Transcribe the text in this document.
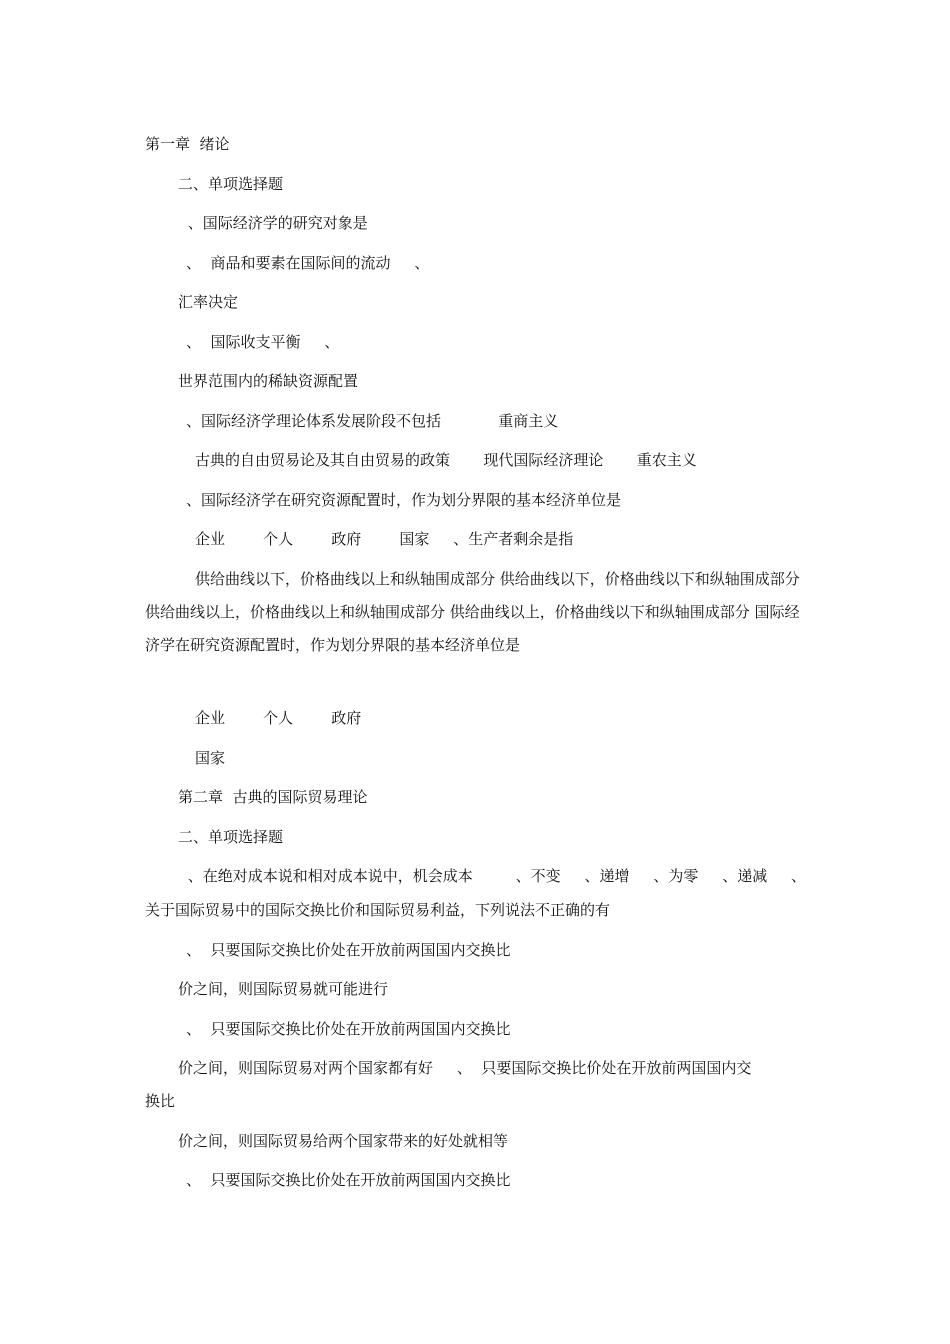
第一章  绪论
二、单项选择题
、国际经济学的研究对象是
、  商品和要素在国际间的流动     、
汇率决定
、  国际收支平衡     、
世界范围内的稀缺资源配置
、国际经济学理论体系发展阶段不包括            重商主义
古典的自由贸易论及其自由贸易的政策       现代国际经济理论       重农主义
、国际经济学在研究资源配置时，作为划分界限的基本经济单位是
企业        个人        政府        国家     、生产者剩余是指
供给曲线以下，价格曲线以上和纵轴围成部分 供给曲线以下，价格曲线以下和纵轴围成部分 供给曲线以上，价格曲线以上和纵轴围成部分 供给曲线以上，价格曲线以下和纵轴围成部分 国际经济学在研究资源配置时，作为划分界限的基本经济单位是
企业        个人        政府
国家
第二章  古典的国际贸易理论
二、单项选择题
、在绝对成本说和相对成本说中，机会成本         、不变     、递增     、为零     、递减     、
关于国际贸易中的国际交换比价和国际贸易利益，下列说法不正确的有
、  只要国际交换比价处在开放前两国国内交换比
价之间，则国际贸易就可能进行
、  只要国际交换比价处在开放前两国国内交换比
价之间，则国际贸易对两个国家都有好     、  只要国际交换比价处在开放前两国国内交
换比
价之间，则国际贸易给两个国家带来的好处就相等
、  只要国际交换比价处在开放前两国国内交换比
